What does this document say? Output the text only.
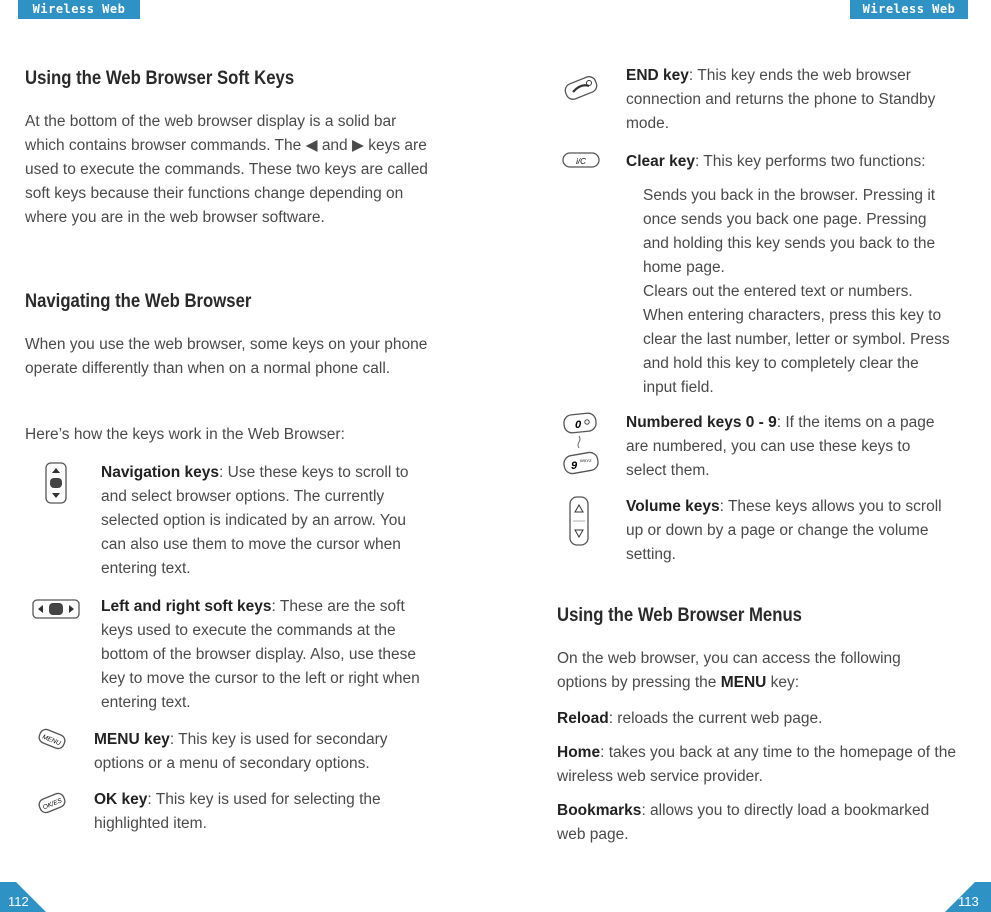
Wireless Web	Wireless Web
Using the Web Browser Soft Keys

At the bottom of the web browser display is a solid bar which contains browser commands. The ◀ and ▶ keys are used to execute the commands. These two keys are called soft keys because their functions change depending on where you are in the web browser software.

Navigating the Web Browser

When you use the web browser, some keys on your phone operate differently than when on a normal phone call.

Here’s how the keys work in the Web Browser:

Navigation keys: Use these keys to scroll to and select browser options. The currently selected option is indicated by an arrow. You can also use them to move the cursor when entering text.

Left and right soft keys: These are the soft keys used to execute the commands at the bottom of the browser display. Also, use these key to move the cursor to the left or right when entering text.

MENU MENU key: This key is used for secondary options or a menu of secondary options.

OK/ES OK key: This key is used for selecting the highlighted item.

END key: This key ends the web browser connection and returns the phone to Standby mode.

i/C	Clear key: This key performs two functions:

Sends you back in the browser. Pressing it once sends you back one page. Pressing and holding this key sends you back to the home page.

Clears out the entered text or numbers. When entering characters, press this key to clear the last number, letter or symbol. Press and hold this key to completely clear the input field.

0
9 WXYZ

Numbered keys 0 - 9: If the items on a page are numbered, you can use these keys to select them.

Volume keys: These keys allows you to scroll up or down by a page or change the volume setting.

Using the Web Browser Menus

On the web browser, you can access the following options by pressing the MENU key:

Reload: reloads the current web page.

Home: takes you back at any time to the homepage of the wireless web service provider.

Bookmarks: allows you to directly load a bookmarked web page.

112	113
